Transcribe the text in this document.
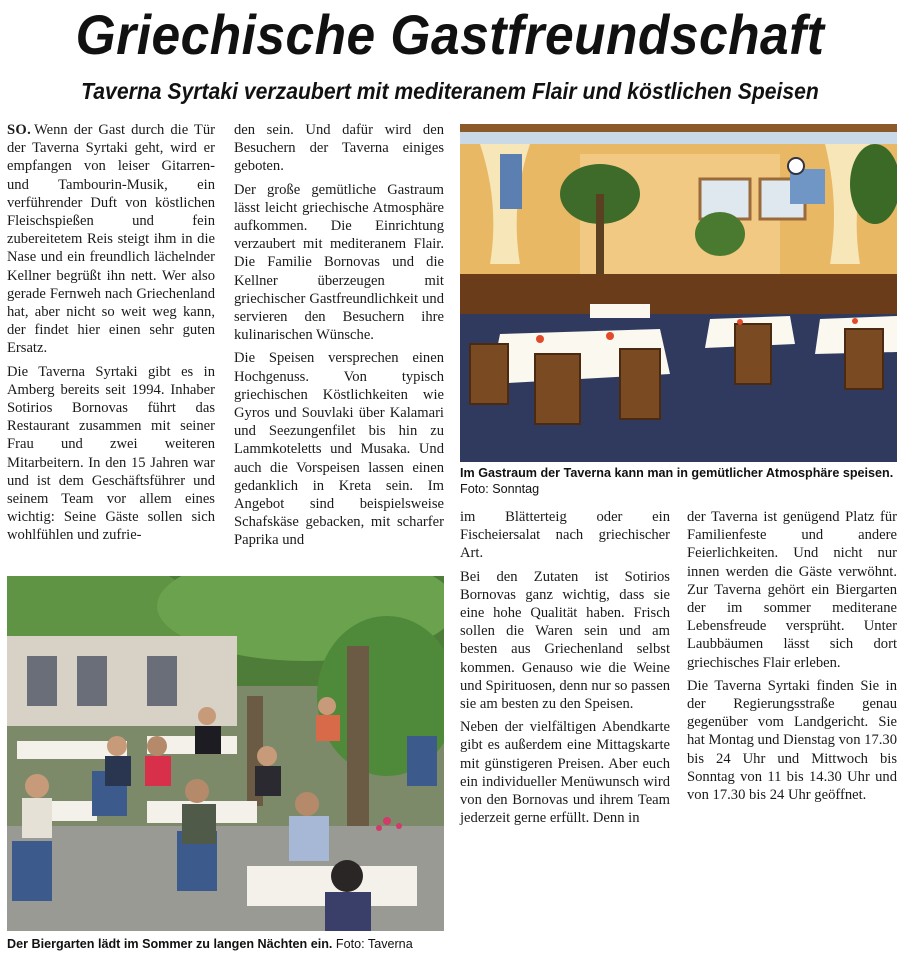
Griechische Gastfreundschaft
Taverna Syrtaki verzaubert mit mediteranem Flair und köstlichen Speisen

SO. Wenn der Gast durch die Tür der Taverna Syrtaki geht, wird er empfangen von leiser Gitarren- und Tambourin-Musik, ein verführender Duft von köstlichen Fleischspießen und fein zubereitetem Reis steigt ihm in die Nase und ein freundlich lächelnder Kellner begrüßt ihn nett. Wer also gerade Fernweh nach Griechenland hat, aber nicht so weit weg kann, der findet hier einen sehr guten Ersatz.

Die Taverna Syrtaki gibt es in Amberg bereits seit 1994. Inhaber Sotirios Bornovas führt das Restaurant zusammen mit seiner Frau und zwei weiteren Mitarbeitern. In den 15 Jahren war und ist dem Geschäftsführer und seinem Team vor allem eines wichtig: Seine Gäste sollen sich wohlfühlen und zufrie-

den sein. Und dafür wird den Besuchern der Taverna einiges geboten.

Der große gemütliche Gastraum lässt leicht griechische Atmosphäre aufkommen. Die Einrichtung verzaubert mit mediteranem Flair. Die Familie Bornovas und die Kellner überzeugen mit griechischer Gastfreundlichkeit und servieren den Besuchern ihre kulinarischen Wünsche.

Die Speisen versprechen einen Hochgenuss. Von typisch griechischen Köstlichkeiten wie Gyros und Souvlaki über Kalamari und Seezungenfilet bis hin zu Lammkoteletts und Musaka. Und auch die Vorspeisen lassen einen gedanklich in Kreta sein. Im Angebot sind beispielsweise Schafskäse gebacken, mit scharfer Paprika und

Im Gastraum der Taverna kann man in gemütlicher Atmosphäre speisen.
Foto: Sonntag

im Blätterteig oder ein Fischeiersalat nach griechischer Art.

Bei den Zutaten ist Sotirios Bornovas ganz wichtig, dass sie eine hohe Qualität haben. Frisch sollen die Waren sein und am besten aus Griechenland selbst kommen. Genauso wie die Weine und Spirituosen, denn nur so passen sie am besten zu den Speisen.

Neben der vielfältigen Abendkarte gibt es außerdem eine Mittagskarte mit günstigeren Preisen. Aber euch ein individueller Menüwunsch wird von den Bornovas und ihrem Team jederzeit gerne erfüllt. Denn in

der Taverna ist genügend Platz für Familienfeste und andere Feierlichkeiten. Und nicht nur innen werden die Gäste verwöhnt. Zur Taverna gehört ein Biergarten der im sommer mediterane Lebensfreude versprüht. Unter Laubbäumen lässt sich dort griechisches Flair erleben.

Die Taverna Syrtaki finden Sie in der Regierungsstraße genau gegenüber vom Landgericht. Sie hat Montag und Dienstag von 17.30 bis 24 Uhr und Mittwoch bis Sonntag von 11 bis 14.30 Uhr und von 17.30 bis 24 Uhr geöffnet.

Der Biergarten lädt im Sommer zu langen Nächten ein. Foto: Taverna
